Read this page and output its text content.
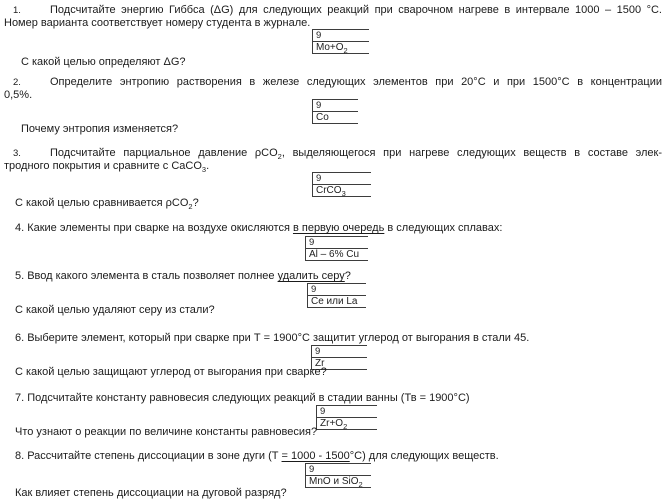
1.	Подсчитайте энергию Гиббса (ΔG) для следующих реакций при сварочном нагреве в интервале 1000 – 1500 °С.
Номер варианта соответствует номеру студента в журнале.
9
$Mo+O_2$
С какой целью определяют ΔG?
2.	Определите энтропию растворения в железе следующих элементов при 20°С и при 1500°С в концентрации
0,5%.
9
Co
Почему энтропия изменяется?
3.	Подсчитайте парциальное давление ρCO$_2$, выделяющегося при нагреве следующих веществ в составе элек-
тродного покрытия и сравните с CaCO$_3$.
9
CrCO$_3$
С какой целью сравнивается ρCO$_2$?
4. Какие элементы при сварке на воздухе окисляются в первую очередь в следующих сплавах:
9
Al – 6% Cu
5. Ввод какого элемента в сталь позволяет полнее удалить серу?
9
Ce или La
С какой целью удаляют серу из стали?
6. Выберите элемент, который при сварке при Т = 1900°С защитит углерод от выгорания в стали 45.
9
Zr
С какой целью защищают углерод от выгорания при сварке?
7. Подсчитайте константу равновесия следующих реакций в стадии ванны (Тв = 1900°С)
9
$Zr+O_2$
Что узнают о реакции по величине константы равновесия?
8. Рассчитайте степень диссоциации в зоне дуги (Т = 1000 - 1500°С) для следующих веществ.
9
MnO и SiO$_2$
Как влияет степень диссоциации на дуговой разряд?
